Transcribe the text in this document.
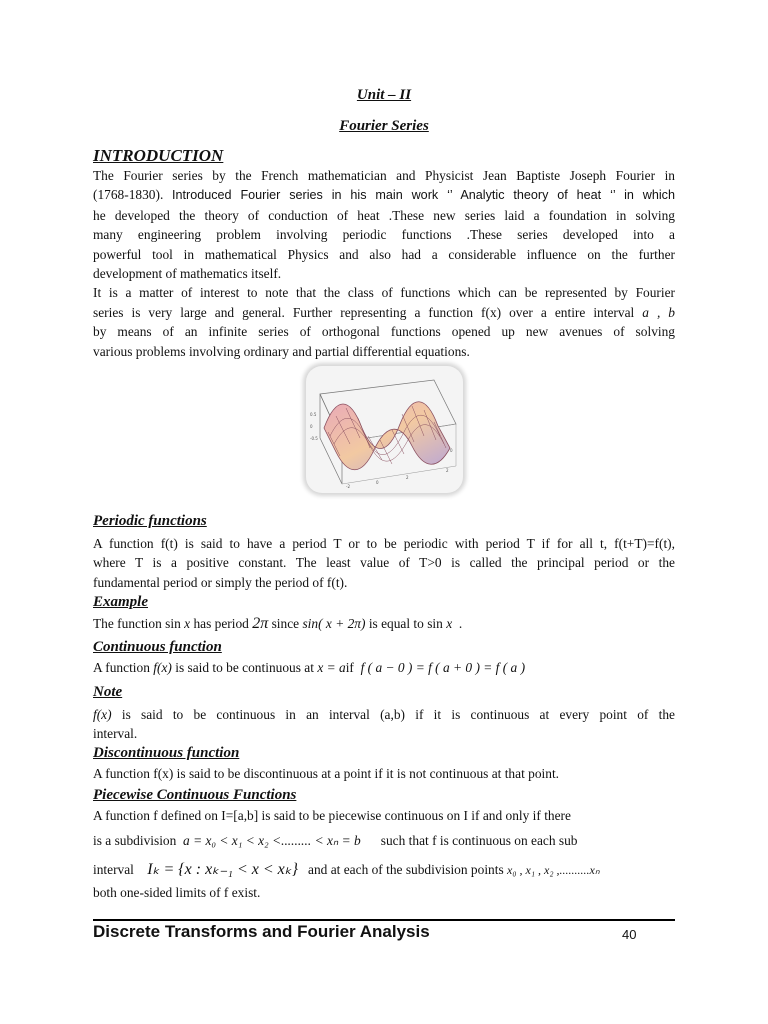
Unit – II
Fourier Series
INTRODUCTION
The Fourier series by the French mathematician and Physicist Jean Baptiste Joseph Fourier in
(1768-1830). Introduced Fourier series in his main work ‘’ Analytic theory of heat ‘’ in which
he developed the theory of conduction of heat .These new series laid a foundation in solving
many engineering problem involving periodic functions .These series developed into a
powerful tool in mathematical Physics and also had a considerable influence on the further
development of mathematics itself.
It is a matter of interest to note that the class of functions which can be represented by Fourier
series is very large and general. Further representing a function f(x) over a entire interval a , b
by means of an infinite series of orthogonal functions opened up new avenues of solving
various problems involving ordinary and partial differential equations.
0.5
0
-0.5
-2
0
2
2
0
Periodic functions
A function f(t) is said to have a period T or to be periodic with period T if for all t, f(t+T)=f(t),
where T is a positive constant. The least value of T>0 is called the principal period or the
fundamental period or simply the period of f(t).
Example
The function sin x has period 2π since sin( x + 2π) is equal to sin x .
Continuous function
A function f(x) is said to be continuous at x = aif f ( a − 0 ) = f ( a + 0 ) = f ( a )
Note
f(x) is said to be continuous in an interval (a,b) if it is continuous at every point of the
interval.
Discontinuous function
A function f(x) is said to be discontinuous at a point if it is not continuous at that point.
Piecewise Continuous Functions
A function f defined on I=[a,b] is said to be piecewise continuous on I if and only if there
is a subdivision a = x₀ < x₁ < x₂ <......... < xₙ = b such that f is continuous on each sub
interval Iₖ = {x : xₖ₋₁ < x < xₖ} and at each of the subdivision points x₀ , x₁ , x₂ ,..........xₙ
both one-sided limits of f exist.
Discrete Transforms and Fourier Analysis	40
